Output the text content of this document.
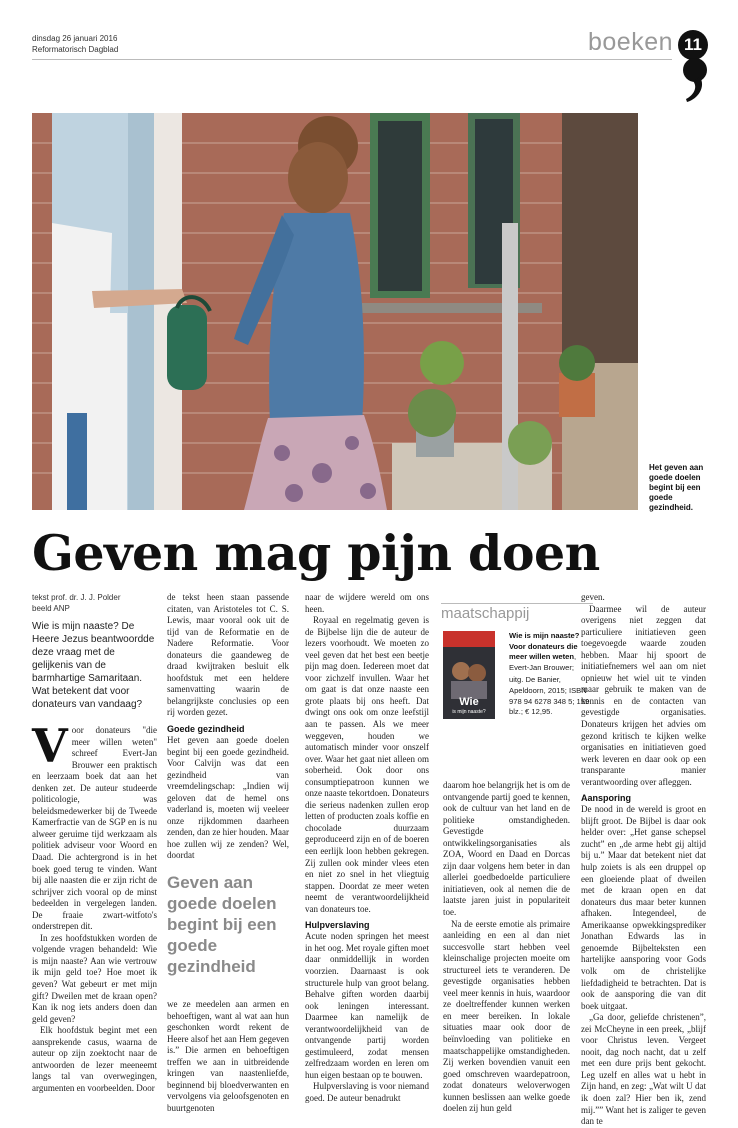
dinsdag 26 januari 2016
Reformatorisch Dagblad	boeken 11
Het geven aan goede doelen begint bij een goede gezindheid.
Geven mag pijn doen

tekst prof. dr. J. J. Polder

beeld ANP

Wie is mijn naaste? De Heere Jezus beantwoordde deze vraag met de gelijkenis van de barmhartige Samaritaan. Wat betekent dat voor donateurs van vandaag?

Voor donateurs "die meer willen weten" schreef Evert-Jan Brouwer een praktisch en leerzaam boek dat aan het denken zet. De auteur studeerde politicologie, was beleidsmedewerker bij de Tweede Kamerfractie van de SGP en is nu alweer geruime tijd werkzaam als politiek adviseur voor Woord en Daad. Die achtergrond is in het boek goed terug te vinden. Want bij alle naasten die er zijn richt de schrijver zich vooral op de minst bedeelden in vergelegen landen. De fraaie zwart-witfoto's onderstrepen dit.

In zes hoofdstukken worden de volgende vragen behandeld: Wie is mijn naaste? Aan wie vertrouw ik mijn geld toe? Hoe moet ik geven? Wat gebeurt er met mijn gift? Dweilen met de kraan open? Kan ik nog iets anders doen dan geld geven?

Elk hoofdstuk begint met een aansprekende casus, waarna de auteur op zijn zoektocht naar de antwoorden de lezer meeneemt langs tal van overwegingen, argumenten en voorbeelden. Door

de tekst heen staan passende citaten, van Aristoteles tot C. S. Lewis, maar vooral ook uit de tijd van de Reformatie en de Nadere Reformatie. Voor donateurs die gaandeweg de draad kwijtraken besluit elk hoofdstuk met een heldere samenvatting waarin de belangrijkste conclusies op een rij worden gezet.

Goede gezindheid

Het geven aan goede doelen begint bij een goede gezindheid. Voor Calvijn was dat een gezindheid van vreemdelingschap: „Indien wij geloven dat de hemel ons vaderland is, moeten wij veeleer onze rijkdommen daarheen zenden, dan ze hier houden. Maar hoe zullen wij ze zenden? Wel, doordat

Geven aan goede doelen begint bij een goede gezindheid

we ze meedelen aan armen en behoeftigen, want al wat aan hun geschonken wordt rekent de Heere alsof het aan Hem gegeven is.” Die armen en behoeftigen treffen we aan in uitbreidende kringen van naastenliefde, beginnend bij bloedverwanten en vervolgens via geloofsgenoten en buurtgenoten

naar de wijdere wereld om ons heen.

Royaal en regelmatig geven is de Bijbelse lijn die de auteur de lezers voorhoudt. We moeten zo veel geven dat het best een beetje pijn mag doen. Iedereen moet dat voor zichzelf invullen. Waar het om gaat is dat onze naaste een grote plaats bij ons heeft. Dat dwingt ons ook om onze leefstijl aan te passen. Als we meer weggeven, houden we automatisch minder voor onszelf over. Waar het gaat niet alleen om soberheid. Ook door ons consumptiepatroon kunnen we onze naaste tekortdoen. Donateurs die serieus nadenken zullen erop letten of producten zoals koffie en chocolade duurzaam geproduceerd zijn en of de boeren een eerlijk loon hebben gekregen. Zij zullen ook minder vlees eten en niet zo snel in het vliegtuig stappen. Doordat ze meer weten neemt de verantwoordelijkheid van donateurs toe.

Hulpverslaving

Acute noden springen het meest in het oog. Met royale giften moet daar onmiddellijk in worden voorzien. Daarnaast is ook structurele hulp van groot belang. Behalve giften worden daarbij ook leningen interessant. Daarmee kan namelijk de verantwoordelijkheid van de ontvangende partij worden gestimuleerd, zodat mensen zelfredzaam worden en leren om hun eigen bestaan op te bouwen.

Hulpverslaving is voor niemand goed. De auteur benadrukt

maatschappij
Wie
is mijn naaste?
Wie is mijn naaste? Voor donateurs die meer willen weten, Evert-Jan Brouwer;
uitg. De Banier, Apeldoorn, 2015; ISBN 978 94 6278 348 5; 159 blz.; € 12,95.

daarom hoe belangrijk het is om de ontvangende partij goed te kennen, ook de cultuur van het land en de politieke omstandigheden. Gevestigde ontwikkelingsorganisaties als ZOA, Woord en Daad en Dorcas zijn daar volgens hem beter in dan allerlei goedbedoelde particuliere initiatieven, ook al nemen die de laatste jaren juist in populariteit toe.

Na de eerste emotie als primaire aanleiding en een al dan niet succesvolle start hebben veel kleinschalige projecten moeite om structureel iets te veranderen. De gevestigde organisaties hebben veel meer kennis in huis, waardoor ze doeltreffender kunnen werken en meer bereiken. In lokale situaties maar ook door de beïnvloeding van politieke en maatschappelijke omstandigheden. Zij werken bovendien vanuit een goed omschreven waardepatroon, zodat donateurs weloverwogen kunnen beslissen aan welke goede doelen zij hun geld

geven.

Daarmee wil de auteur overigens niet zeggen dat particuliere initiatieven geen toegevoegde waarde zouden hebben. Maar hij spoort de initiatiefnemers wel aan om niet opnieuw het wiel uit te vinden maar gebruik te maken van de kennis en de contacten van gevestigde organisaties. Donateurs krijgen het advies om gezond kritisch te kijken welke organisaties en initiatieven goed werk leveren en daar ook op een transparante manier verantwoording over afleggen.

Aansporing

De nood in de wereld is groot en blijft groot. De Bijbel is daar ook helder over: „Het ganse schepsel zucht” en „de arme hebt gij altijd bij u.” Maar dat betekent niet dat hulp zoiets is als een druppel op een gloeiende plaat of dweilen met de kraan open en dat donateurs dus maar beter kunnen afhaken. Integendeel, de Amerikaanse opwekkingsprediker Jonathan Edwards las in genoemde Bijbelteksten een hartelijke aansporing voor Gods volk om de christelijke liefdadigheid te betrachten. Dat is ook de aansporing die van dit boek uitgaat.

„Ga door, geliefde christenen”, zei McCheyne in een preek, „blijf voor Christus leven. Vergeet nooit, dag noch nacht, dat u zelf met een dure prijs bent gekocht. Leg uzelf en alles wat u hebt in Zijn hand, en zeg: „Wat wilt U dat ik doen zal? Hier ben ik, zend mij.”” Want het is zaliger te geven dan te
